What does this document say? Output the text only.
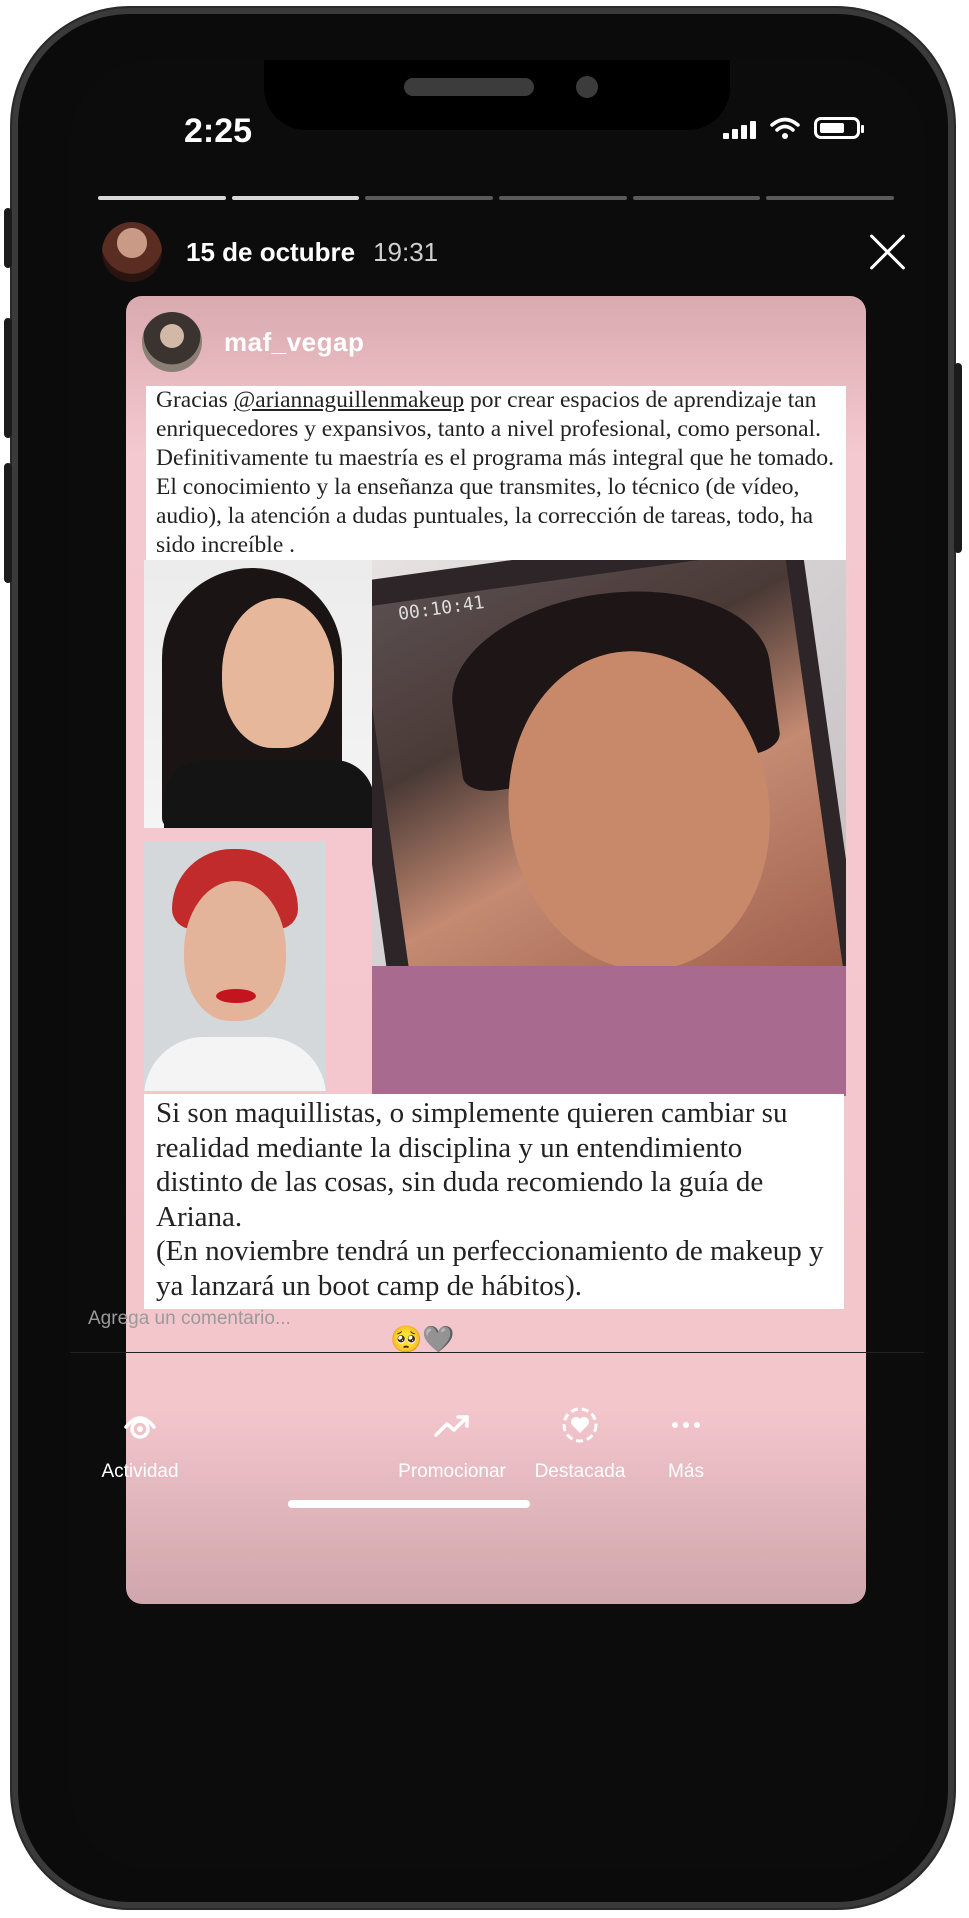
2:25
15 de octubre 19:31
maf_vegap
Gracias @ariannaguillenmakeup por crear espacios de aprendizaje tan enriquecedores y expansivos, tanto a nivel profesional, como personal.
Definitivamente tu maestría es el programa más integral que he tomado. El conocimiento y la enseñanza que transmites, lo técnico (de vídeo, audio), la atención a dudas puntuales, la corrección de tareas, todo, ha sido increíble .
00:10:41
Si son maquillistas, o simplemente quieren cambiar su realidad mediante la disciplina y un entendimiento distinto de las cosas, sin duda recomiendo la guía de Ariana.
(En noviembre tendrá un perfeccionamiento de makeup y ya lanzará un boot camp de hábitos).
Agrega un comentario...
🥺🩶
Actividad	Promocionar	Destacada	Más
